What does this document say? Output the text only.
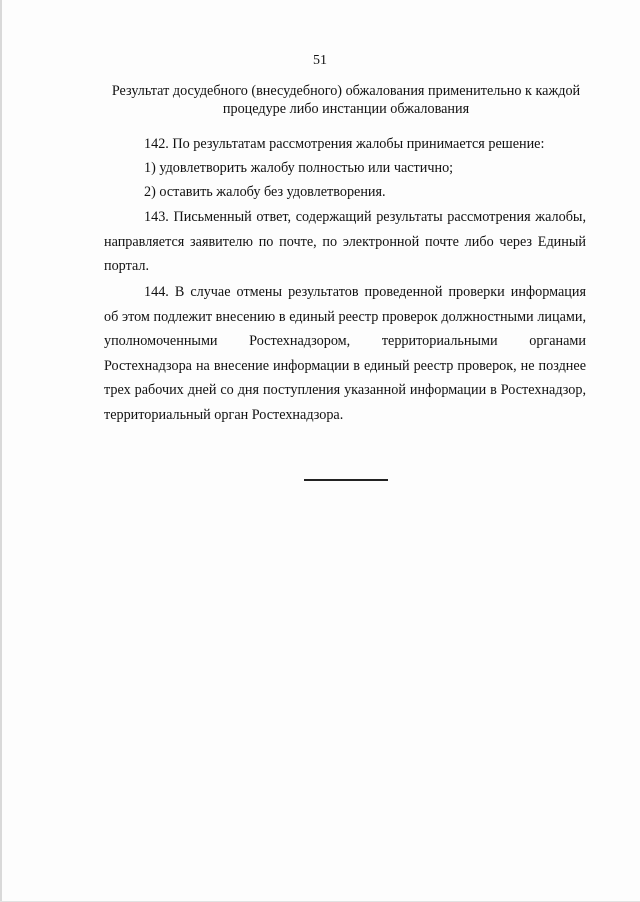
51
Результат досудебного (внесудебного) обжалования применительно к каждой процедуре либо инстанции обжалования
142. По результатам рассмотрения жалобы принимается решение:
1) удовлетворить жалобу полностью или частично;
2) оставить жалобу без удовлетворения.
143. Письменный ответ, содержащий результаты рассмотрения жалобы, направляется заявителю по почте, по электронной почте либо через Единый портал.
144. В случае отмены результатов проведенной проверки информация об этом подлежит внесению в единый реестр проверок должностными лицами, уполномоченными Ростехнадзором, территориальными органами Ростехнадзора на внесение информации в единый реестр проверок, не позднее трех рабочих дней со дня поступления указанной информации в Ростехнадзор, территориальный орган Ростехнадзора.
